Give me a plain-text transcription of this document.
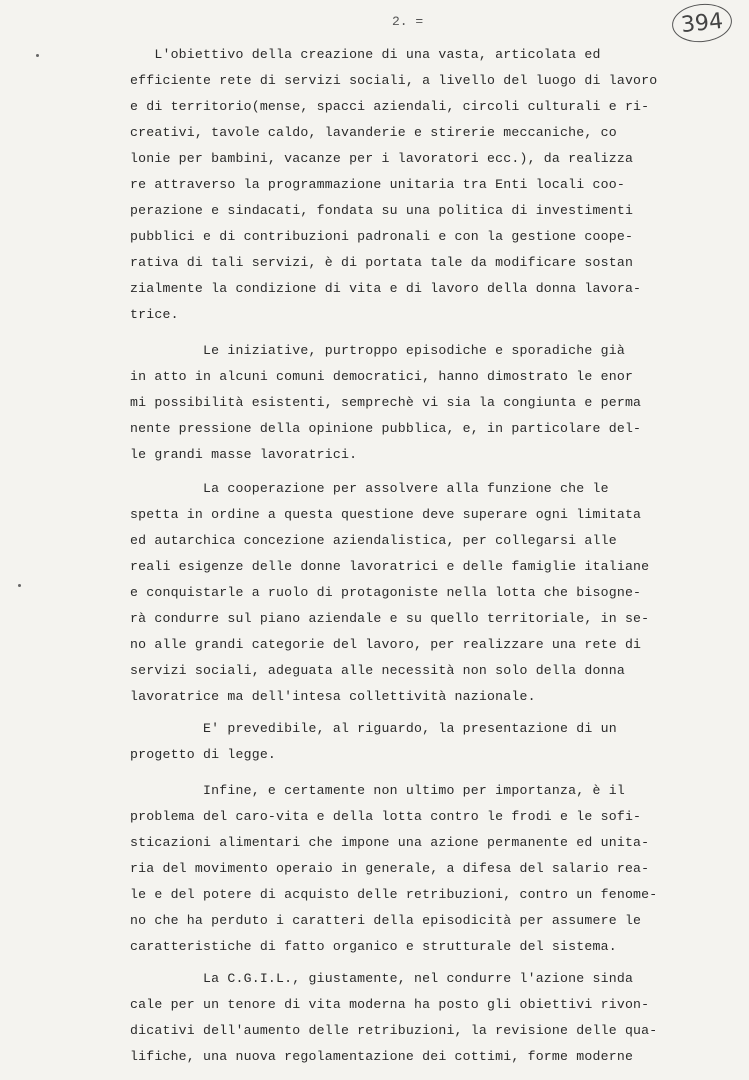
2. =	394
L'obiettivo della creazione di una vasta, articolata ed
efficiente rete di servizi sociali, a livello del luogo di lavoro
e di territorio(mense, spacci aziendali, circoli culturali e ri-
creativi, tavole caldo, lavanderie e stirerie meccaniche, co
lonie per bambini, vacanze per i lavoratori ecc.), da realizza
re attraverso la programmazione unitaria tra Enti locali coo-
perazione e sindacati, fondata su una politica di investimenti
pubblici e di contribuzioni padronali e con la gestione coope-
rativa di tali servizi, è di portata tale da modificare sostan
zialmente la condizione di vita e di lavoro della donna lavora-
trice.
Le iniziative, purtroppo episodiche e sporadiche già
in atto in alcuni comuni democratici, hanno dimostrato le enor
mi possibilità esistenti, semprechè vi sia la congiunta e perma
nente pressione della opinione pubblica, e, in particolare del-
le grandi masse lavoratrici.
La cooperazione per assolvere alla funzione che le
spetta in ordine a questa questione deve superare ogni limitata
ed autarchica concezione aziendalistica, per collegarsi alle
reali esigenze delle donne lavoratrici e delle famiglie italiane
e conquistarle a ruolo di protagoniste nella lotta che bisogne-
rà condurre sul piano aziendale e su quello territoriale, in se-
no alle grandi categorie del lavoro, per realizzare una rete di
servizi sociali, adeguata alle necessità non solo della donna
lavoratrice ma dell'intesa collettività nazionale.
E' prevedibile, al riguardo, la presentazione di un
progetto di legge.
Infine, e certamente non ultimo per importanza, è il
problema del caro-vita e della lotta contro le frodi e le sofi-
sticazioni alimentari che impone una azione permanente ed unita-
ria del movimento operaio in generale, a difesa del salario rea-
le e del potere di acquisto delle retribuzioni, contro un fenome-
no che ha perduto i caratteri della episodicità per assumere le
caratteristiche di fatto organico e strutturale del sistema.
La C.G.I.L., giustamente, nel condurre l'azione sinda
cale per un tenore di vita moderna ha posto gli obiettivi rivon-
dicativi dell'aumento delle retribuzioni, la revisione delle qua-
lifiche, una nuova regolamentazione dei cottimi, forme moderne
